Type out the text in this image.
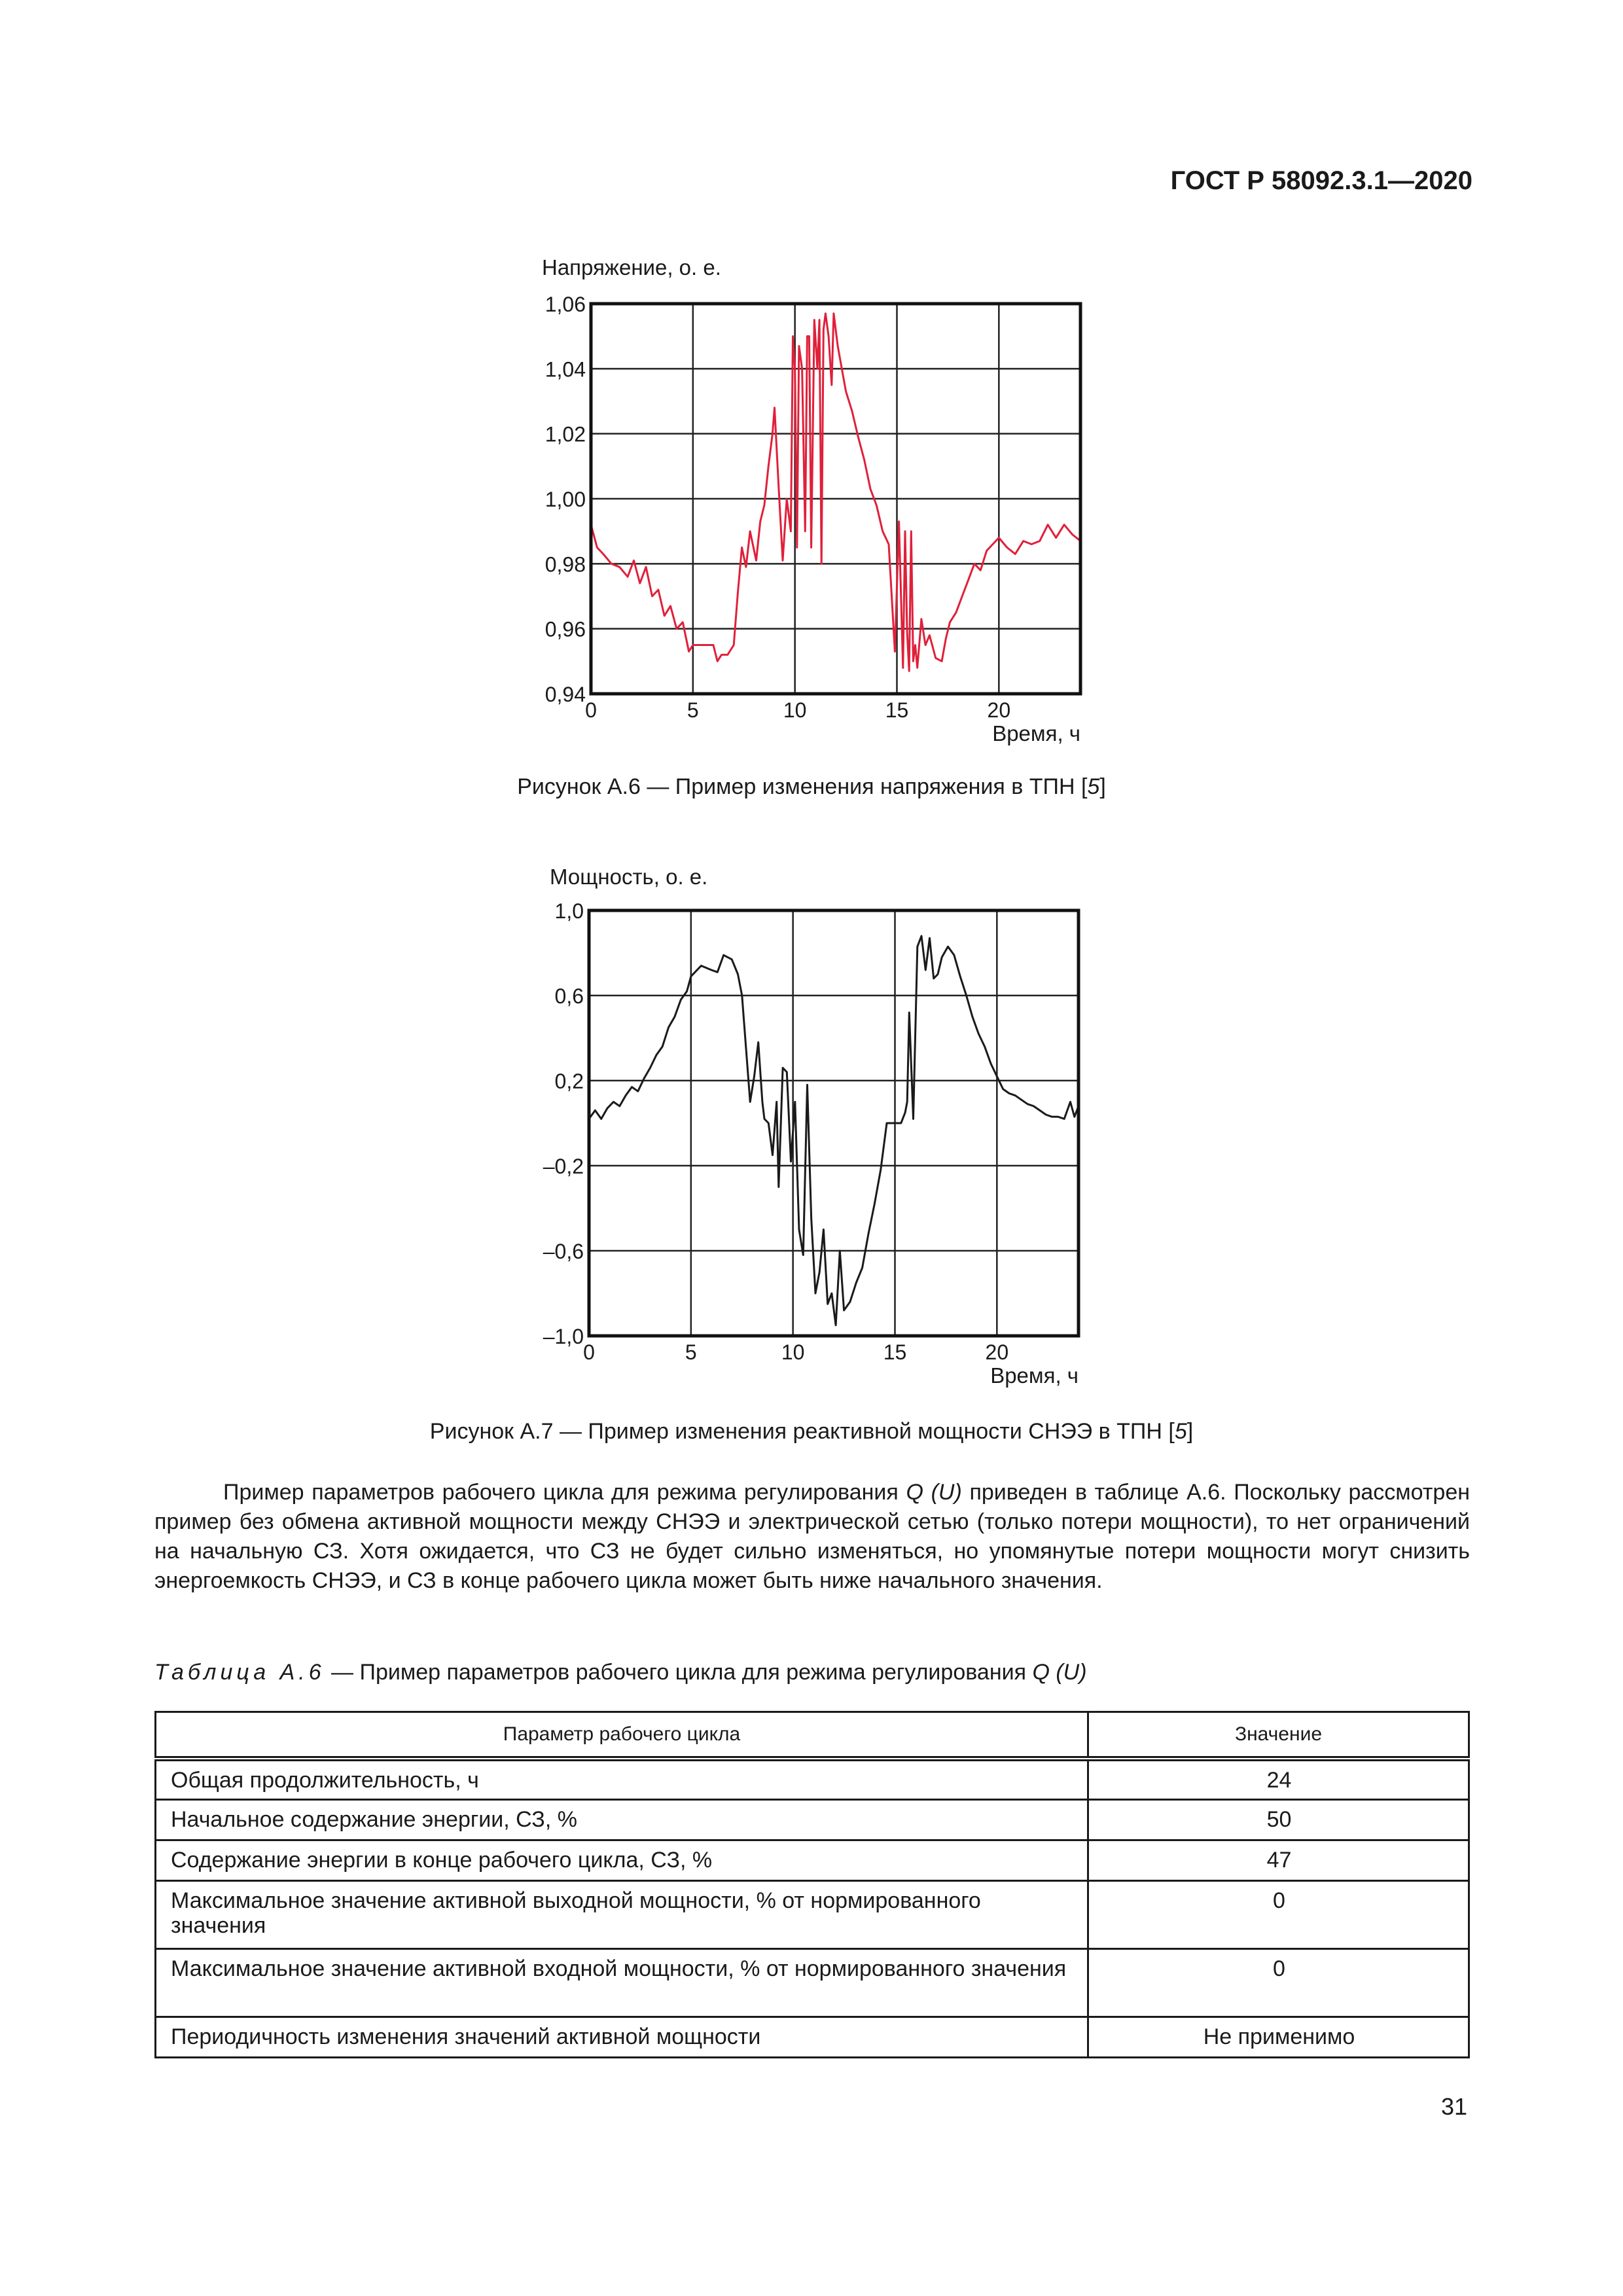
ГОСТ Р 58092.3.1—2020
0,94
0,96
0,98
1,00
1,02
1,04
1,06
0	5	10	15	20
Напряжение, о. е.
Время, ч
Рисунок А.6 — Пример изменения напряжения в ТПН [5]
1,0
0,6
0,2
–0,2
–0,6
–1,0
0	5	10	15	20
Мощность, о. е.
Время, ч
Рисунок А.7 — Пример изменения реактивной мощности СНЭЭ в ТПН [5]
Пример параметров рабочего цикла для режима регулирования Q (U) приведен в таблице А.6. Поскольку рассмотрен пример без обмена активной мощности между СНЭЭ и электрической сетью (только потери мощности), то нет ограничений на начальную СЗ. Хотя ожидается, что СЗ не будет сильно изменяться, но упомянутые потери мощности могут снизить энергоемкость СНЭЭ, и СЗ в конце рабочего цикла может быть ниже начального значения.
Таблица А.6 — Пример параметров рабочего цикла для режима регулирования Q (U)
Параметр рабочего цикла	Значение
Общая продолжительность, ч	24
Начальное содержание энергии, СЗ, %	50
Содержание энергии в конце рабочего цикла, СЗ, %	47
Максимальное значение активной выходной мощности, % от нормированного значения	0
Максимальное значение активной входной мощности, % от нормированного значения	0
Периодичность изменения значений активной мощности	Не применимо
31
